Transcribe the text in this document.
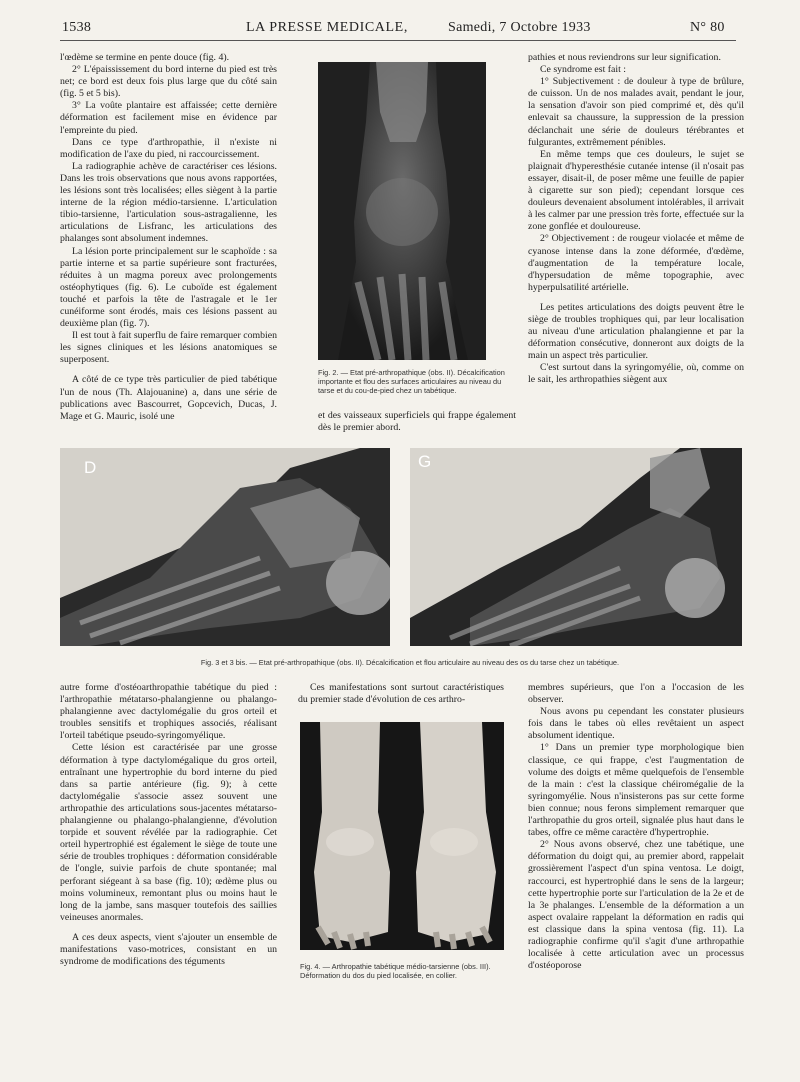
1538	LA PRESSE MEDICALE,	Samedi, 7 Octobre 1933	N° 80

l'œdème se termine en pente douce (fig. 4).

2° L'épaississement du bord interne du pied est très net; ce bord est deux fois plus large que du côté sain (fig. 5 et 5 bis).

3° La voûte plantaire est affaissée; cette dernière déformation est facilement mise en évidence par l'empreinte du pied.

Dans ce type d'arthropathie, il n'existe ni modification de l'axe du pied, ni raccourcissement.

La radiographie achève de caractériser ces lésions. Dans les trois observations que nous avons rapportées, les lésions sont très localisées; elles siègent à la partie interne de la région médio-tarsienne. L'articulation tibio-tarsienne, l'articulation sous-astragalienne, les articulations de Lisfranc, les articulations des phalanges sont absolument indemnes.

La lésion porte principalement sur le scaphoïde : sa partie interne et sa partie supérieure sont fracturées, réduites à un magma poreux avec prolongements ostéophytiques (fig. 6). Le cuboïde est également touché et parfois la tête de l'astragale et le 1er cunéiforme sont érodés, mais ces lésions passent au deuxième plan (fig. 7).

Il est tout à fait superflu de faire remarquer combien les signes cliniques et les lésions anatomiques se superposent.

A côté de ce type très particulier de pied tabétique l'un de nous (Th. Alajouanine) a, dans une série de publications avec Bascourret, Gopcevich, Ducas, J. Mage et G. Mauric, isolé une

Fig. 2. — Etat pré-arthropathique (obs. II). Décalcification importante et flou des surfaces articulaires au niveau du tarse et du cou-de-pied chez un tabétique.

et des vaisseaux superficiels qui frappe également dès le premier abord.

pathies et nous reviendrons sur leur signification.

Ce syndrome est fait :

1° Subjectivement : de douleur à type de brûlure, de cuisson. Un de nos malades avait, pendant le jour, la sensation d'avoir son pied comprimé et, dès qu'il enlevait sa chaussure, la suppression de la pression déclanchait une série de douleurs térébrantes et fulgurantes, extrêmement pénibles.

En même temps que ces douleurs, le sujet se plaignait d'hyperesthésie cutanée intense (il n'osait pas essayer, disait-il, de poser même une feuille de papier à cigarette sur son pied); cependant lorsque ces douleurs devenaient absolument intolérables, il arrivait à les calmer par une pression très forte, effectuée sur la zone gonflée et douloureuse.

2° Objectivement : de rougeur violacée et même de cyanose intense dans la zone déformée, d'œdème, d'augmentation de la température locale, d'hypersudation de même topographie, avec hyperpulsatilité artérielle.

Les petites articulations des doigts peuvent être le siège de troubles trophiques qui, par leur localisation au niveau d'une articulation phalangienne et par la déformation consécutive, donneront aux doigts de la main un aspect très particulier.

C'est surtout dans la syringomyélie, où, comme on le sait, les arthropathies siègent aux

D	G
Fig. 3 et 3 bis. — Etat pré-arthropathique (obs. II). Décalcification et flou articulaire au niveau des os du tarse chez un tabétique.

autre forme d'ostéoarthropathie tabétique du pied : l'arthropathie métatarso-phalangienne ou phalango-phalangienne avec dactylomégalie du gros orteil et troubles sensitifs et trophiques associés, réalisant l'orteil tabétique pseudo-syringomyélique.

Cette lésion est caractérisée par une grosse déformation à type dactylomégalique du gros orteil, entraînant une hypertrophie du bord interne du pied dans sa partie antérieure (fig. 9); à cette dactylomégalie s'associe assez souvent une arthropathie des articulations sous-jacentes métatarso-phalangienne ou phalango-phalangienne, d'évolution torpide et souvent révélée par la radiographie. Cet orteil hypertrophié est également le siège de toute une série de troubles trophiques : déformation considérable de l'ongle, suivie parfois de chute spontanée; mal perforant siégeant à sa base (fig. 10); œdème plus ou moins volumineux, remontant plus ou moins haut le long de la jambe, sans masquer toutefois des saillies veineuses anormales.

A ces deux aspects, vient s'ajouter un ensemble de manifestations vaso-motrices, consistant en un syndrome de modifications des téguments

Ces manifestations sont surtout caractéristiques du premier stade d'évolution de ces arthro-

Fig. 4. — Arthropathie tabétique médio-tarsienne (obs. III). Déformation du dos du pied localisée, en collier.

membres supérieurs, que l'on a l'occasion de les observer.

Nous avons pu cependant les constater plusieurs fois dans le tabes où elles revêtaient un aspect absolument identique.

1° Dans un premier type morphologique bien classique, ce qui frappe, c'est l'augmentation de volume des doigts et même quelquefois de l'ensemble de la main : c'est la classique chéiromégalie de la syringomyélie. Nous n'insisterons pas sur cette forme bien connue; nous ferons simplement remarquer que l'arthropathie du gros orteil, signalée plus haut dans le tabes, offre ce même caractère d'hypertrophie.

2° Nous avons observé, chez une tabétique, une déformation du doigt qui, au premier abord, rappelait grossièrement l'aspect d'un spina ventosa. Le doigt, raccourci, est hypertrophié dans le sens de la largeur; cette hypertrophie porte sur l'articulation de la 2e et de la 3e phalanges. L'ensemble de la déformation a un aspect ovalaire rappelant la déformation en radis qui est classique dans la spina ventosa (fig. 11). La radiographie confirme qu'il s'agit d'une arthropathie localisée à cette articulation avec un processus d'ostéoporose
